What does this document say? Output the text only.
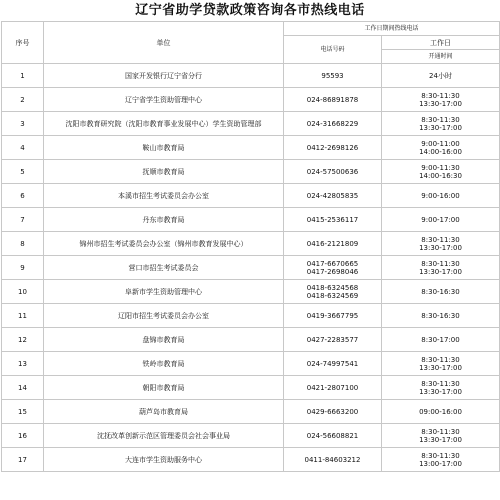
辽宁省助学贷款政策咨询各市热线电话
序号	单位	工作日期间热线电话	
		电话号码	工作日
			开通时间
1	国家开发银行辽宁省分行	95593	24小时

2	辽宁省学生资助管理中心	024-86891878	8:30-11:30
13:30-17:00

3	沈阳市教育研究院（沈阳市教育事业发展中心）学生资助管理部	024-31668229	8:30-11:30
13:30-17:00

4	鞍山市教育局	0412-2698126	9:00-11:00
14:00-16:00

5	抚顺市教育局	024-57500636	9:00-11:30
14:00-16:30

6	本溪市招生考试委员会办公室	024-42805835	9:00-16:00

7	丹东市教育局	0415-2536117	9:00-17:00

8	锦州市招生考试委员会办公室（锦州市教育发展中心）	0416-2121809	8:30-11:30
13:30-17:00

9	营口市招生考试委员会	0417-6670665
0417-2698046	8:30-11:30
13:30-17:00

10	阜新市学生资助管理中心	0418-6324568
0418-6324569	8:30-16:30

11	辽阳市招生考试委员会办公室	0419-3667795	8:30-16:30

12	盘锦市教育局	0427-2283577	8:30-17:00

13	铁岭市教育局	024-74997541	8:30-11:30
13:30-17:00

14	朝阳市教育局	0421-2807100	8:30-11:30
13:30-17:00

15	葫芦岛市教育局	0429-6663200	09:00-16:00

16	沈抚改革创新示范区管理委员会社会事业局	024-56608821	8:30-11:30
13:30-17:00

17	大连市学生资助服务中心	0411-84603212	8:30-11:30
13:00-17:00
